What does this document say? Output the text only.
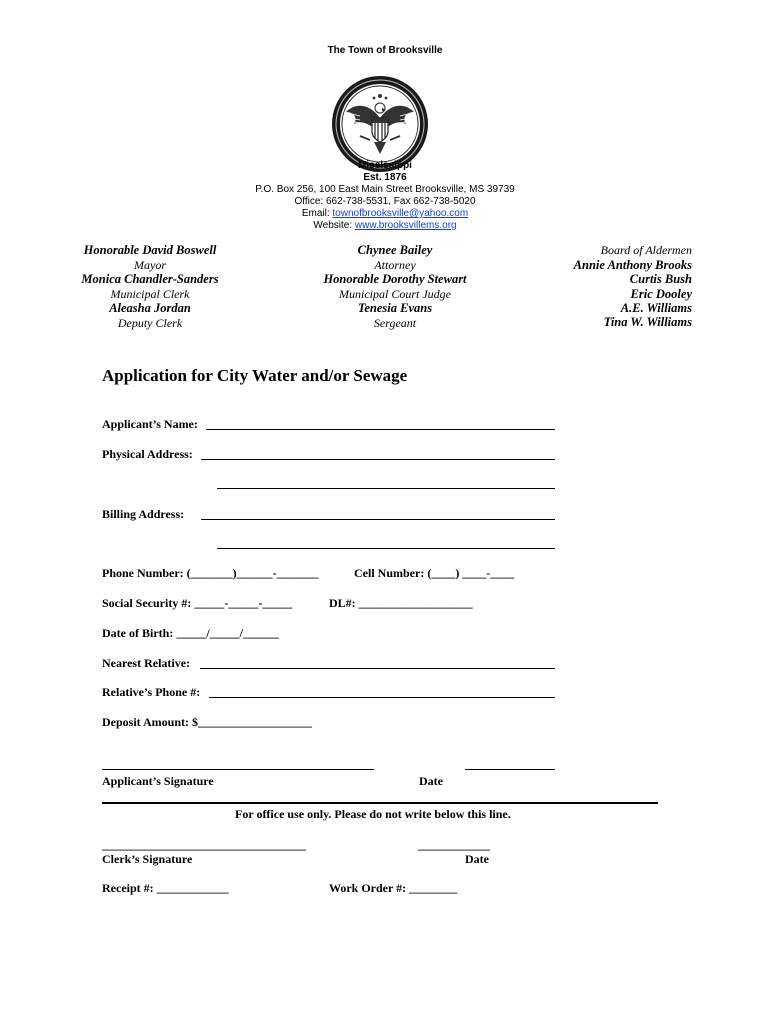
The Town of Brooksville
Mississippi
Est. 1876
P.O. Box 256, 100 East Main Street Brooksville, MS 39739
Office: 662-738-5531, Fax 662-738-5020
Email: townofbrooksville@yahoo.com
Website: www.brooksvillems.org
Honorable David Boswell
Mayor
Monica Chandler-Sanders
Municipal Clerk
Aleasha Jordan
Deputy Clerk
Chynee Bailey
Attorney
Honorable Dorothy Stewart
Municipal Court Judge
Tenesia Evans
Sergeant
Board of Aldermen
Annie Anthony Brooks
Curtis Bush
Eric Dooley
A.E. Williams
Tina W. Williams
Application for City Water and/or Sewage
Applicant’s Name:
Physical Address:
Billing Address:
Phone Number: (_______)______-_______	Cell Number: (____) ____-____
Social Security #: _____-_____-_____	DL#: ___________________
Date of Birth: _____/_____/______
Nearest Relative:
Relative’s Phone #:
Deposit Amount: $___________________
Applicant’s Signature	Date
For office use only. Please do not write below this line.
__________________________________	____________
Clerk’s Signature	Date
Receipt #: ____________	Work Order #: ________
